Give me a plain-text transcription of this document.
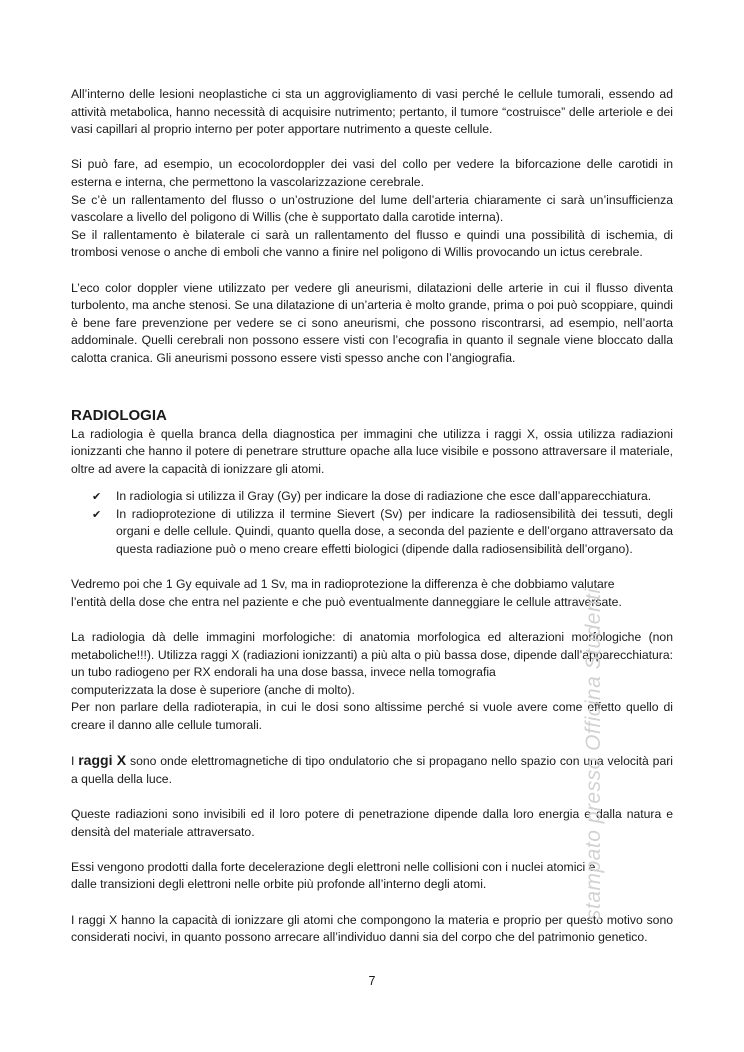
All’interno delle lesioni neoplastiche ci sta un aggrovigliamento di vasi perché le cellule tumorali, essendo ad attività metabolica, hanno necessità di acquisire nutrimento; pertanto, il tumore “costruisce” delle arteriole e dei vasi capillari al proprio interno per poter apportare nutrimento a queste cellule.

Si può fare, ad esempio, un ecocolordoppler dei vasi del collo per vedere la biforcazione delle carotidi in esterna e interna, che permettono la vascolarizzazione cerebrale.

Se c’è un rallentamento del flusso o un’ostruzione del lume dell’arteria chiaramente ci sarà un’insufficienza vascolare a livello del poligono di Willis (che è supportato dalla carotide interna).

Se il rallentamento è bilaterale ci sarà un rallentamento del flusso e quindi una possibilità di ischemia, di trombosi venose o anche di emboli che vanno a finire nel poligono di Willis provocando un ictus cerebrale.

L’eco color doppler viene utilizzato per vedere gli aneurismi, dilatazioni delle arterie in cui il flusso diventa turbolento, ma anche stenosi. Se una dilatazione di un’arteria è molto grande, prima o poi può scoppiare, quindi è bene fare prevenzione per vedere se ci sono aneurismi, che possono riscontrarsi, ad esempio, nell’aorta addominale. Quelli cerebrali non possono essere visti con l’ecografia in quanto il segnale viene bloccato dalla calotta cranica. Gli aneurismi possono essere visti spesso anche con l’angiografia.

RADIOLOGIA

La radiologia è quella branca della diagnostica per immagini che utilizza i raggi X, ossia utilizza radiazioni ionizzanti che hanno il potere di penetrare strutture opache alla luce visibile e possono attraversare il materiale, oltre ad avere la capacità di ionizzare gli atomi.

✔ In radiologia si utilizza il Gray (Gy) per indicare la dose di radiazione che esce dall’apparecchiatura.
✔ In radioprotezione di utilizza il termine Sievert (Sv) per indicare la radiosensibilità dei tessuti, degli organi e delle cellule. Quindi, quanto quella dose, a seconda del paziente e dell’organo attraversato da questa radiazione può o meno creare effetti biologici (dipende dalla radiosensibilità dell’organo).

Vedremo poi che 1 Gy equivale ad 1 Sv, ma in radioprotezione la differenza è che dobbiamo valutare

l’entità della dose che entra nel paziente e che può eventualmente danneggiare le cellule attraversate.

La radiologia dà delle immagini morfologiche: di anatomia morfologica ed alterazioni morfologiche (non metaboliche!!!). Utilizza raggi X (radiazioni ionizzanti) a più alta o più bassa dose, dipende dall’apparecchiatura: un tubo radiogeno per RX endorali ha una dose bassa, invece nella tomografia

computerizzata la dose è superiore (anche di molto).

Per non parlare della radioterapia, in cui le dosi sono altissime perché si vuole avere come effetto quello di creare il danno alle cellule tumorali.

I raggi X sono onde elettromagnetiche di tipo ondulatorio che si propagano nello spazio con una velocità pari a quella della luce.

Queste radiazioni sono invisibili ed il loro potere di penetrazione dipende dalla loro energia e dalla natura e densità del materiale attraversato.

Essi vengono prodotti dalla forte decelerazione degli elettroni nelle collisioni con i nuclei atomici e

dalle transizioni degli elettroni nelle orbite più profonde all’interno degli atomi.

I raggi X hanno la capacità di ionizzare gli atomi che compongono la materia e proprio per questo motivo sono considerati nocivi, in quanto possono arrecare all’individuo danni sia del corpo che del patrimonio genetico.

7
stampato presso Officina Studenti
